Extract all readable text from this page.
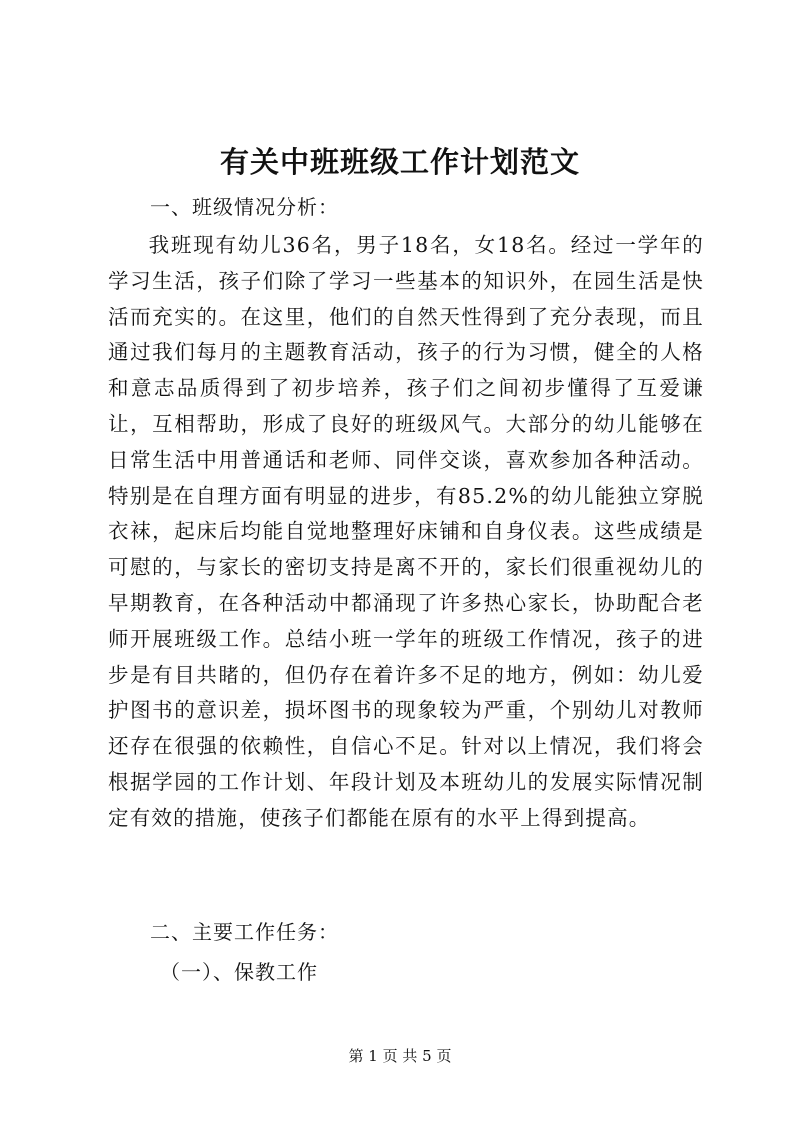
有关中班班级工作计划范文
一、班级情况分析：

我班现有幼儿36名，男子18名，女18名。经过一学年的学习生活，孩子们除了学习一些基本的知识外，在园生活是快活而充实的。在这里，他们的自然天性得到了充分表现，而且通过我们每月的主题教育活动，孩子的行为习惯，健全的人格和意志品质得到了初步培养，孩子们之间初步懂得了互爱谦让，互相帮助，形成了良好的班级风气。大部分的幼儿能够在日常生活中用普通话和老师、同伴交谈，喜欢参加各种活动。特别是在自理方面有明显的进步，有85.2%的幼儿能独立穿脱衣袜，起床后均能自觉地整理好床铺和自身仪表。这些成绩是可慰的，与家长的密切支持是离不开的，家长们很重视幼儿的早期教育，在各种活动中都涌现了许多热心家长，协助配合老师开展班级工作。总结小班一学年的班级工作情况，孩子的进步是有目共睹的，但仍存在着许多不足的地方，例如：幼儿爱护图书的意识差，损坏图书的现象较为严重，个别幼儿对教师还存在很强的依赖性，自信心不足。针对以上情况，我们将会根据学园的工作计划、年段计划及本班幼儿的发展实际情况制定有效的措施，使孩子们都能在原有的水平上得到提高。

二、主要工作任务：
（一）、保教工作
第 1 页 共 5 页
